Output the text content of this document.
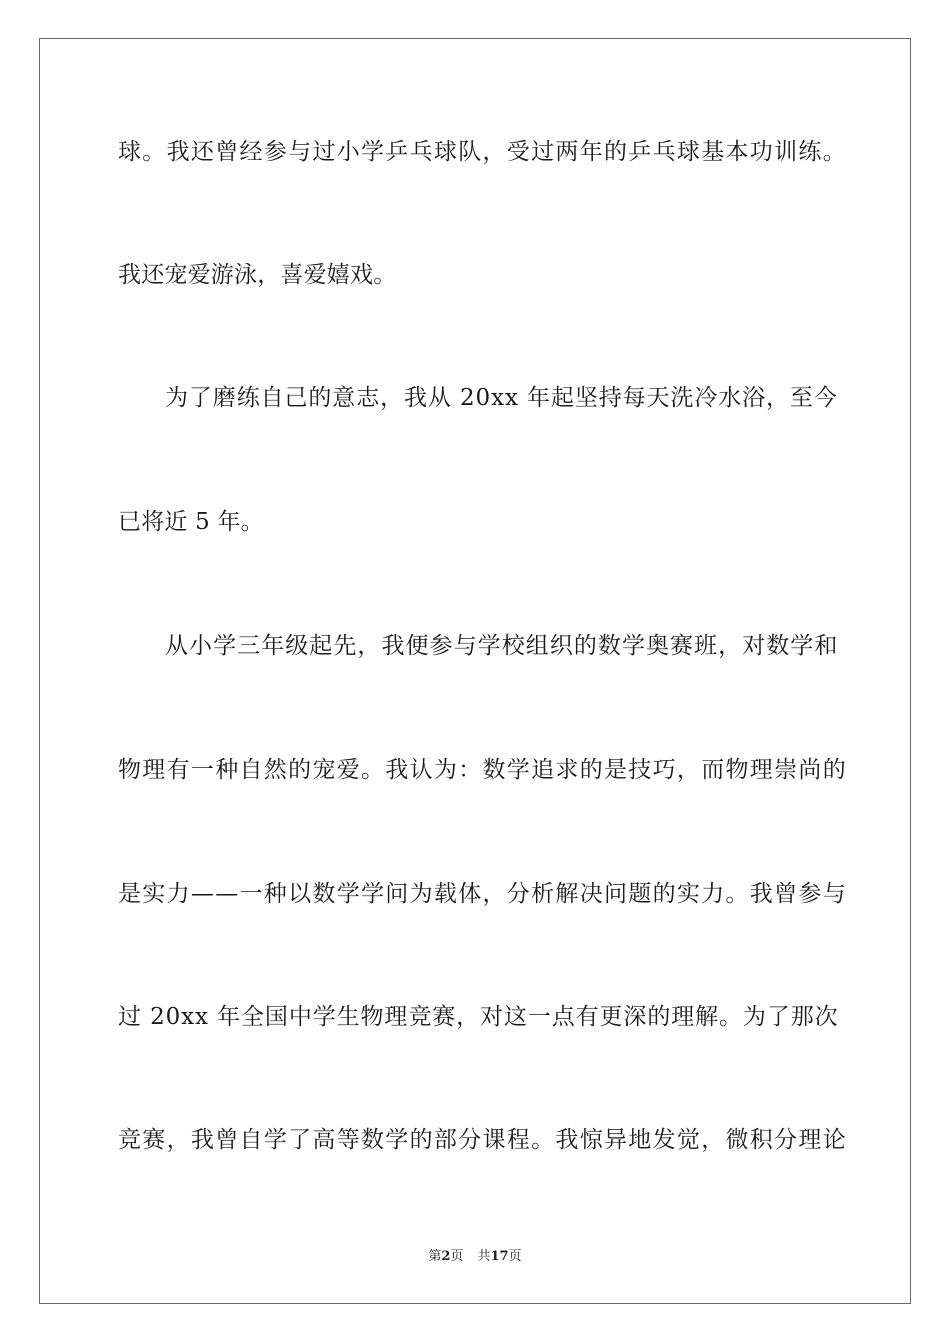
球。我还曾经参与过小学乒乓球队，受过两年的乒乓球基本功训练。
我还宠爱游泳，喜爱嬉戏。
为了磨练自己的意志，我从 20xx 年起坚持每天洗冷水浴，至今
已将近 5 年。
从小学三年级起先，我便参与学校组织的数学奥赛班，对数学和
物理有一种自然的宠爱。我认为：数学追求的是技巧，而物理崇尚的
是实力——一种以数学学问为载体，分析解决问题的实力。我曾参与
过 20xx 年全国中学生物理竞赛，对这一点有更深的理解。为了那次
竞赛，我曾自学了高等数学的部分课程。我惊异地发觉，微积分理论
第2页 共17页
